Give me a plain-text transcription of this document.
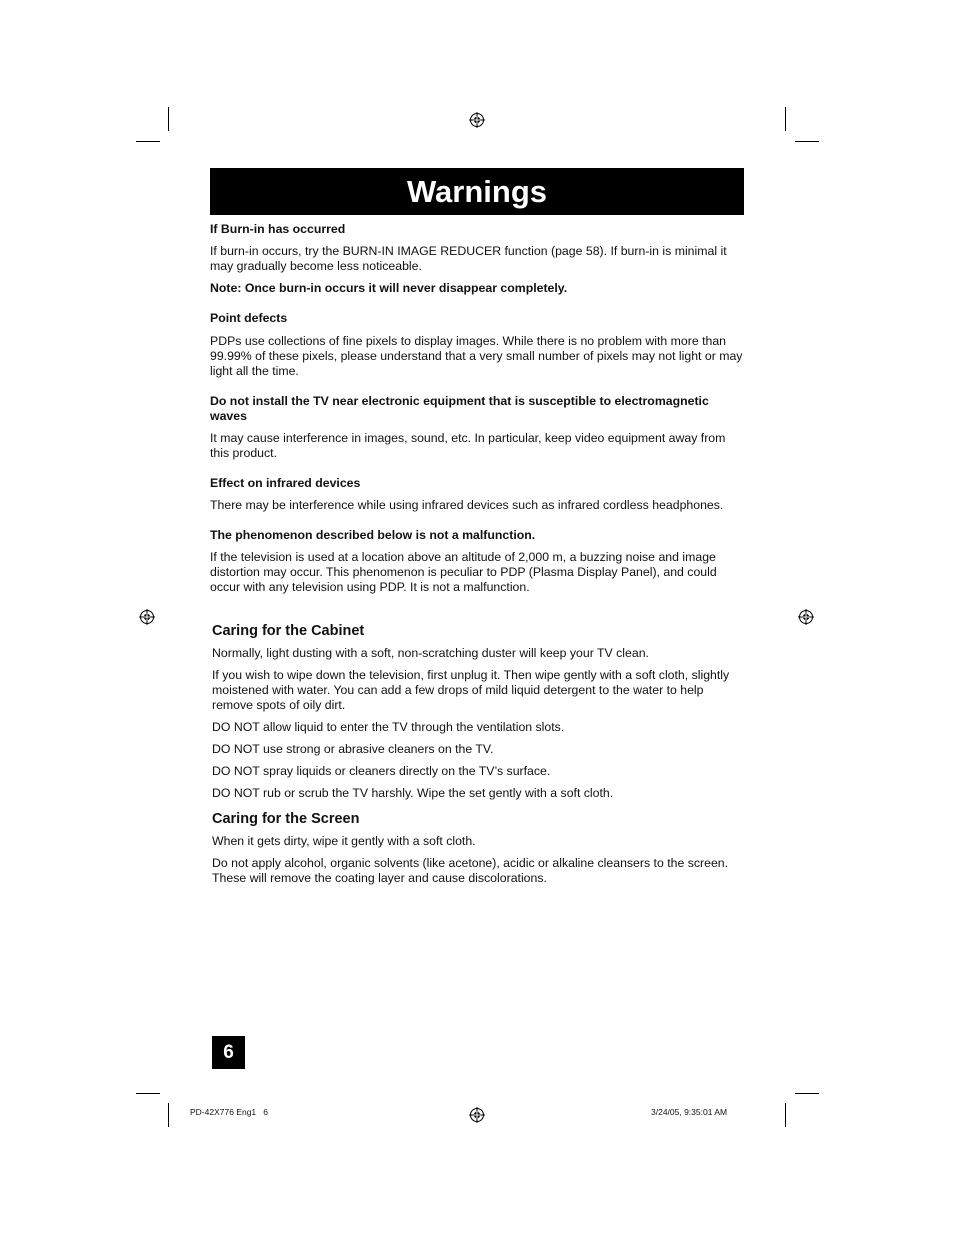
Warnings

If Burn-in has occurred

If burn-in occurs, try the BURN-IN IMAGE REDUCER function (page 58). If burn-in is minimal it may gradually become less noticeable.

Note: Once burn-in occurs it will never disappear completely.

Point defects

PDPs use collections of fine pixels to display images. While there is no problem with more than 99.99% of these pixels, please understand that a very small number of pixels may not light or may light all the time.

Do not install the TV near electronic equipment that is susceptible to electromagnetic waves

It may cause interference in images, sound, etc. In particular, keep video equipment away from this product.

Effect on infrared devices

There may be interference while using infrared devices such as infrared cordless headphones.

The phenomenon described below is not a malfunction.

If the television is used at a location above an altitude of 2,000 m, a buzzing noise and image distortion may occur. This phenomenon is peculiar to PDP (Plasma Display Panel), and could occur with any television using PDP. It is not a malfunction.

Caring for the Cabinet

Normally, light dusting with a soft, non-scratching duster will keep your TV clean.

If you wish to wipe down the television, first unplug it. Then wipe gently with a soft cloth, slightly moistened with water. You can add a few drops of mild liquid detergent to the water to help remove spots of oily dirt.

DO NOT allow liquid to enter the TV through the ventilation slots.

DO NOT use strong or abrasive cleaners on the TV.

DO NOT spray liquids or cleaners directly on the TV’s surface.

DO NOT rub or scrub the TV harshly. Wipe the set gently with a soft cloth.

Caring for the Screen

When it gets dirty, wipe it gently with a soft cloth.

Do not apply alcohol, organic solvents (like acetone), acidic or alkaline cleansers to the screen. These will remove the coating layer and cause discolorations.

6
PD-42X776 Eng1   6	3/24/05, 9:35:01 AM
